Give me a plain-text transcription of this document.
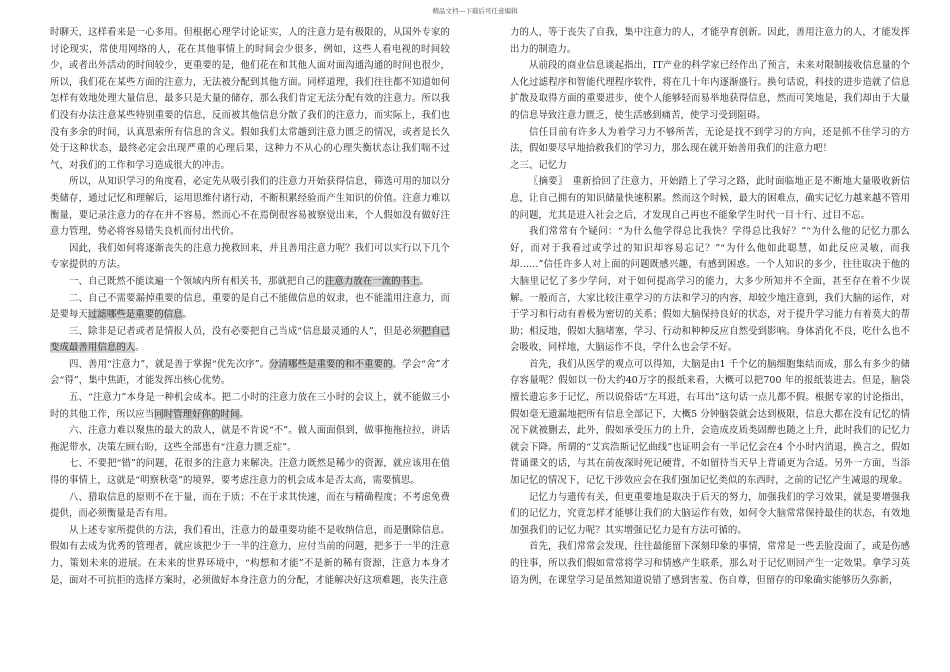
精品文档---下载后可任意编辑

时聊天，这样看来是一心多用。但根据心理学讨论证实，人的注意力是有极限的，从国外专家的讨论现实，常使用网络的人，花在其他事情上的时间会少很多，例如，这些人看电视的时间较少，或者出外活动的时间较少，更重要的是，他们花在和其他人面对面沟通沟通的时间也很少，所以，我们花在某些方面的注意力，无法被分配到其他方面。同样道理，我们往往都不知道如何怎样有效地处理大量信息，最多只是大量的储存，那么我们肯定无法分配有效的注意力。所以我们没有办法注意某些特别重要的信息，反而被其他信息分散了我们的注意力，而实际上，我们也没有多余的时间，认真思索所有信息的含义。假如我们太常趟到注意力匮乏的情况，或者是长久处于这种状态，最终必定会出现严重的心理后果，这种力不从心的心理失衡状态让我们喘不过气，对我们的工作和学习造成很大的冲击。

所以，从知识学习的角度看，必定先从吸引我们的注意力开始获得信息，筛选可用的加以分类储存，通过记忆和理解后，运用思维付诸行动，不断积累经验而产生知识的价值。注意力难以衡量，要记录注意力的存在并不容易，然而心不在焉倒很容易被察觉出来，个人假如没有做好注意力管理，势必将容易错失良机而付出代价。

因此，我们如何将逐渐丧失的注意力挽救回来，并且善用注意力呢？我们可以实行以下几个专家提供的方法。

一、自己既然不能读遍一个领域内所有相关书，那就把自己的注意力放在一流的书上。

二、自己不需要漏掉重要的信息，重要的是自己不能做信息的奴隶，也不能滥用注意力，而是要每天过滤哪些是重要的信息。

三、除非是记者或者是情报人员，没有必要把自己当成“信息最灵通的人”，但是必须把自己变成最善用信息的人。

四、善用“注意力”，就是善于掌握“优先次序”。分清哪些是重要的和不重要的。学会“舍”才会“得”，集中焦距，才能发挥出核心优势。

五、“注意力”本身是一种机会成本。把二小时的注意力放在三小时的会议上，就不能做三小时的其他工作，所以应当同时管理好你的时间。

六、注意力难以聚焦的最大的敌人，就是不肯说“不”。做人面面俱到，做事拖拖拉拉，讲话拖泥带水，决策左顾右盼，这些全部患有“注意力匮乏症”。

七、不要把“错”的问题，花很多的注意力来解决。注意力既然是稀少的资源，就应该用在值得的事情上，这就是“明察秋毫”的境界，要考虑注意力的机会成本是否太高，需要慎思。

八、猎取信息的原则不在于量，而在于质；不在于求其快速，而在与精确程度；不考虑免费提供，而必须衡量是否有用。

从上述专家所提供的方法，我们看出，注意力的最重要功能不是收纳信息，而是删除信息。假如有去成为优秀的管理者，就应该把少于一半的注意力，应付当前的问题，把多于一半的注意力，策划未来的进展。在未来的世界环境中，“构想和才能”不是新的稀有资源，注意力本身才是，面对不可抗拒的选择方案时，必须做好本身注意力的分配，才能解决好这项难题，丧失注意

力的人，等于丧失了自我，集中注意力的人，才能孕育创新。因此，善用注意力的人，才能发挥出力的制造力。

从前段的商业信息谈起指出，IT产业的科学家已经作出了预言，未来对限制接收信息量的个人化过滤程序和智能代理程序软件，将在几十年内逐渐盛行。换句话说，科技的进步造就了信息扩散及取得方面的重要进步，使个人能够轻而易举地获得信息，然而可笑地是，我们却由于大量的信息导致注意力匮乏，使生活感到痛苦，使学习受到阻碍。

信任目前有许多人为着学习力不够所苦，无论是找不到学习的方向，还是抓不住学习的方法，假如要尽早地拾救我们的学习力，那么现在就开始善用我们的注意力吧！

之三、记忆力

〖摘要〗　重新拾回了注意力，开始踏上了学习之路，此时面临地正是不断地大量吸收新信息，让自己拥有的知识储量快速积累。然而这个时候，最大的困难点，确实记忆力越来越不管用的问题，尤其是进入社会之后，才发现自己再也不能象学生时代一目十行、过目不忘。

我们常常有个疑问：“为什么他学得总比我快？学得总比我好？”“为什么他的记忆力那么好，而对于我看过或学过的知识却容易忘记？”“为什么他如此聪慧，如此反应灵敏，而我却……”信任许多人对上面的问题既感兴趣，有感到困惑。一个人知识的多少，往往取决于他的大脑里记忆了多少学问，对于如何提高学习的能力，大多少所知并不全面，甚至存在着不少误解。一般而言，大家比较注重学习的方法和学习的内容，却较少地注意到，我们大脑的运作，对于学习和行动有着极为密切的关系；假如大脑保持良好的状态，对于提升学习能力有着莫大的帮助；相反地，假如大脑堵塞，学习、行动和种种反应自然受到影响。身体消化不良，吃什么也不会吸收，同样地，大脑运作不良，学什么也会学不好。

首先，我们从医学的观点可以得知，大脑是由1 千个亿的脑细胞集结而成，那么有多少的储存容量呢？假如以一份大约40万字的报纸来看，大概可以把700 年的报纸装进去。但是，脑袋擅长遗忘多于记忆，所以说俗话“左耳进，右耳出”这句话一点儿都不假。根据专家的讨论指出，假如毫无遗漏地把所有信息全部记下，大概5 分钟脑袋就会达到极限，信息大都在没有记忆的情况下就被删去，此外，假如承受压力的上升，会造成皮质类固醇也随之上升，此时我们的记忆力就会下降。所谓的“艾宾浩斯记忆曲线”也证明会有一半记忆会在4 个小时内消退，换言之，假如背诵课文的话，与其在前夜深时死记硬背，不如留待当天早上背诵更为合适。另外一方面，当添加记忆的情况下，记忆干涉效应会在我们强加记忆类似的东西时，之前的记忆产生减退的现象。

记忆力与遗传有关，但更重要地是取决于后天的努力，加强我们的学习效果，就是要增强我们的记忆力，究竟怎样才能够让我们的大脑运作有效，如何令大脑常常保持最佳的状态，有效地加强我们的记忆力呢？其实增强记忆力是有方法可循的。

首先，我们常常会发现，往往最能留下深刻印象的事情，常常是一些丢脸没面了，或是伤感的往事，所以我们假如常常将学习和情感产生联系，那么对于记忆则回产生一定效果。拿学习英语为例，在课堂学习是虽然知道说错了感到害羞、伤自尊，但留存的印象确实能够历久弥新，
